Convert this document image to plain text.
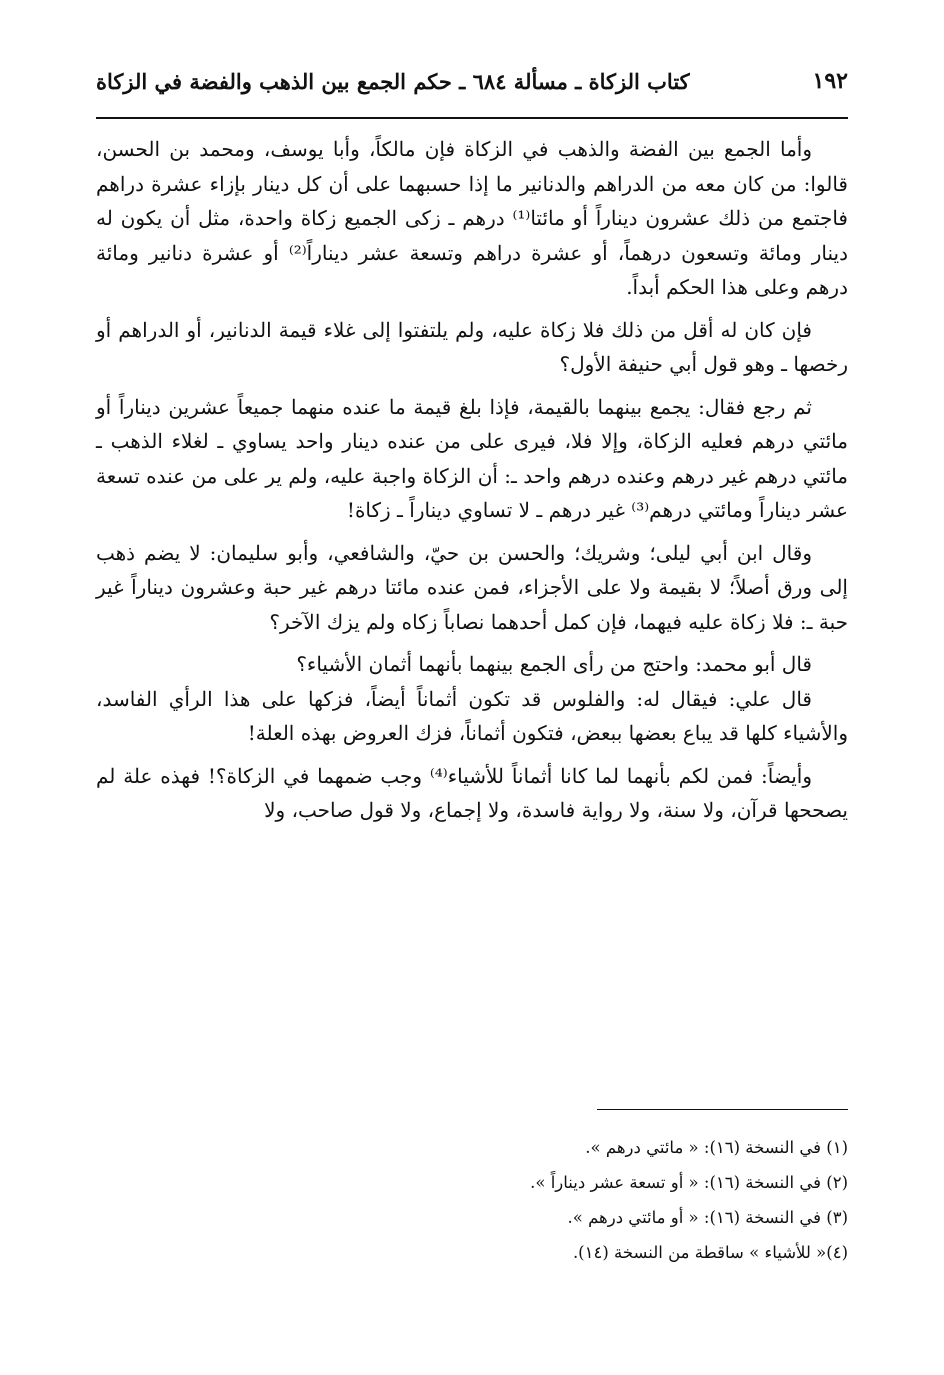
١٩٢
كتاب الزكاة ـ مسألة ٦٨٤ ـ حكم الجمع بين الذهب والفضة في الزكاة

وأما الجمع بين الفضة والذهب في الزكاة فإن مالكاً، وأبا يوسف، ومحمد بن الحسن، قالوا: من كان معه من الدراهم والدنانير ما إذا حسبهما على أن كل دينار بإزاء عشرة دراهم فاجتمع من ذلك عشرون ديناراً أو مائتا⁽¹⁾ درهم ـ زكى الجميع زكاة واحدة، مثل أن يكون له دينار ومائة وتسعون درهماً، أو عشرة دراهم وتسعة عشر ديناراً⁽²⁾ أو عشرة دنانير ومائة درهم وعلى هذا الحكم أبداً.

فإن كان له أقل من ذلك فلا زكاة عليه، ولم يلتفتوا إلى غلاء قيمة الدنانير، أو الدراهم أو رخصها ـ وهو قول أبي حنيفة الأول؟

ثم رجع فقال: يجمع بينهما بالقيمة، فإذا بلغ قيمة ما عنده منهما جميعاً عشرين ديناراً أو مائتي درهم فعليه الزكاة، وإلا فلا، فيرى على من عنده دينار واحد يساوي ـ لغلاء الذهب ـ مائتي درهم غير درهم وعنده درهم واحد ـ: أن الزكاة واجبة عليه، ولم ير على من عنده تسعة عشر ديناراً ومائتي درهم⁽³⁾ غير درهم ـ لا تساوي ديناراً ـ زكاة!

وقال ابن أبي ليلى؛ وشريك؛ والحسن بن حيّ، والشافعي، وأبو سليمان: لا يضم ذهب إلى ورق أصلاً؛ لا بقيمة ولا على الأجزاء، فمن عنده مائتا درهم غير حبة وعشرون ديناراً غير حبة ـ: فلا زكاة عليه فيهما، فإن كمل أحدهما نصاباً زكاه ولم يزك الآخر؟

قال أبو محمد: واحتج من رأى الجمع بينهما بأنهما أثمان الأشياء؟

قال علي: فيقال له: والفلوس قد تكون أثماناً أيضاً، فزكها على هذا الرأي الفاسد، والأشياء كلها قد يباع بعضها ببعض، فتكون أثماناً، فزك العروض بهذه العلة!

وأيضاً: فمن لكم بأنهما لما كانا أثماناً للأشياء⁽⁴⁾ وجب ضمهما في الزكاة؟! فهذه علة لم يصححها قرآن، ولا سنة، ولا رواية فاسدة، ولا إجماع، ولا قول صاحب، ولا

(١) في النسخة (١٦): « مائتي درهم ».
(٢) في النسخة (١٦): « أو تسعة عشر ديناراً ».
(٣) في النسخة (١٦): « أو مائتي درهم ».
(٤)« للأشياء » ساقطة من النسخة (١٤).
